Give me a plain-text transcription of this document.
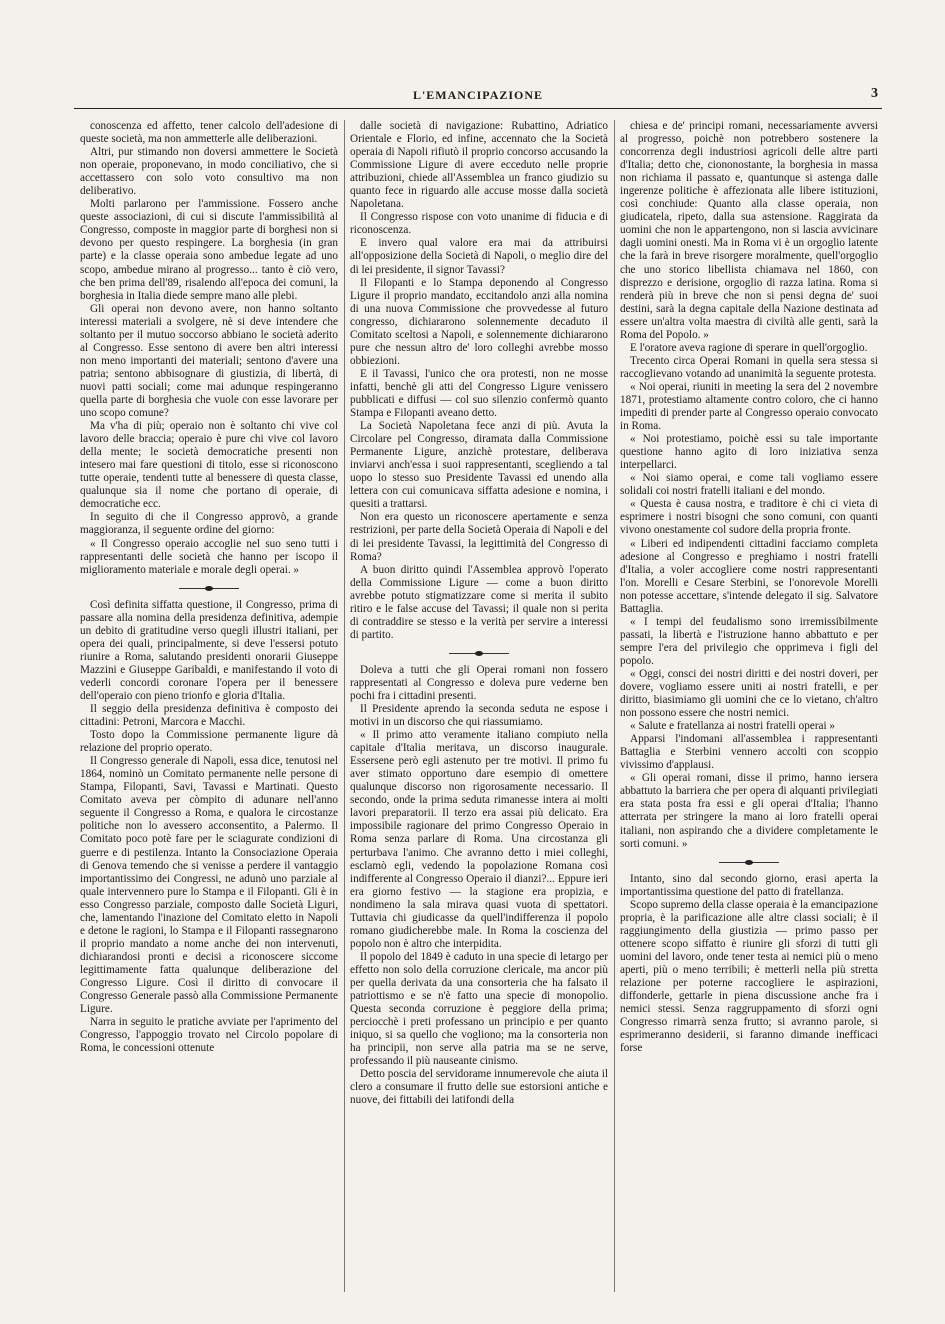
L'EMANCIPAZIONE	3

conoscenza ed affetto, tener calcolo dell'adesione di queste società, ma non ammetterle alle deliberazioni.

Altri, pur stimando non doversi ammettere le Società non operaie, proponevano, in modo conciliativo, che si accettassero con solo voto consultivo ma non deliberativo.

Molti parlarono per l'ammissione. Fossero anche queste associazioni, di cui si discute l'ammissibilità al Congresso, composte in maggior parte di borghesi non si devono per questo respingere. La borghesia (in gran parte) e la classe operaia sono ambedue legate ad uno scopo, ambedue mirano al progresso... tanto è ciò vero, che ben prima dell'89, risalendo all'epoca dei comuni, la borghesia in Italia diede sempre mano alle plebi.

Gli operai non devono avere, non hanno soltanto interessi materiali a svolgere, nè si deve intendere che soltanto per il mutuo soccorso abbiano le società aderito al Congresso. Esse sentono di avere ben altri interessi non meno importanti dei materiali; sentono d'avere una patria; sentono abbisognare di giustizia, di libertà, di nuovi patti sociali; come mai adunque respingeranno quella parte di borghesia che vuole con esse lavorare per uno scopo comune?

Ma v'ha di più; operaio non è soltanto chi vive col lavoro delle braccia; operaio è pure chi vive col lavoro della mente; le società democratiche presenti non intesero mai fare questioni di titolo, esse si riconoscono tutte operaie, tendenti tutte al benessere di questa classe, qualunque sia il nome che portano di operaie, di democratiche ecc.

In seguito di che il Congresso approvò, a grande maggioranza, il seguente ordine del giorno:

« Il Congresso operaio accoglie nel suo seno tutti i rappresentanti delle società che hanno per iscopo il miglioramento materiale e morale degli operai. »

Così definita siffatta questione, il Congresso, prima di passare alla nomina della presidenza definitiva, adempie un debito di gratitudine verso quegli illustri italiani, per opera dei quali, principalmente, si deve l'essersi potuto riunire a Roma, salutando presidenti onorarii Giuseppe Mazzini e Giuseppe Garibaldi, e manifestando il voto di vederli concordi coronare l'opera per il benessere dell'operaio con pieno trionfo e gloria d'Italia.

Il seggio della presidenza definitiva è composto dei cittadini: Petroni, Marcora e Macchi.

Tosto dopo la Commissione permanente ligure dà relazione del proprio operato.

Il Congresso generale di Napoli, essa dice, tenutosi nel 1864, nominò un Comitato permanente nelle persone di Stampa, Filopanti, Savi, Tavassi e Martinati. Questo Comitato aveva per còmpito di adunare nell'anno seguente il Congresso a Roma, e qualora le circostanze politiche non lo avessero acconsentito, a Palermo. Il Comitato poco potè fare per le sciagurate condizioni di guerre e di pestilenza. Intanto la Consociazione Operaia di Genova temendo che si venisse a perdere il vantaggio importantissimo dei Congressi, ne adunò uno parziale al quale intervennero pure lo Stampa e il Filopanti. Gli è in esso Congresso parziale, composto dalle Società Liguri, che, lamentando l'inazione del Comitato eletto in Napoli e detone le ragioni, lo Stampa e il Filopanti rassegnarono il proprio mandato a nome anche dei non intervenuti, dichiarandosi pronti e decisi a riconoscere siccome legittimamente fatta qualunque deliberazione del Congresso Ligure. Così il diritto di convocare il Congresso Generale passò alla Commissione Permanente Ligure.

Narra in seguito le pratiche avviate per l'aprimento del Congresso, l'appoggio trovato nel Circolo popolare di Roma, le concessioni ottenute

dalle società di navigazione: Rubattino, Adriatico Orientale e Florio, ed infine, accennato che la Società operaia di Napoli rifiutò il proprio concorso accusando la Commissione Ligure di avere ecceduto nelle proprie attribuzioni, chiede all'Assemblea un franco giudizio su quanto fece in riguardo alle accuse mosse dalla società Napoletana.

Il Congresso rispose con voto unanime di fiducia e di riconoscenza.

E invero qual valore era mai da attribuirsi all'opposizione della Società di Napoli, o meglio dire del di lei presidente, il signor Tavassi?

Il Filopanti e lo Stampa deponendo al Congresso Ligure il proprio mandato, eccitandolo anzi alla nomina di una nuova Commissione che provvedesse al futuro congresso, dichiararono solennemente decaduto il Comitato sceltosi a Napoli, e solennemente dichiararono pure che nessun altro de' loro colleghi avrebbe mosso obbiezioni.

E il Tavassi, l'unico che ora protesti, non ne mosse infatti, benchè gli atti del Congresso Ligure venissero pubblicati e diffusi — col suo silenzio confermò quanto Stampa e Filopanti aveano detto.

La Società Napoletana fece anzi di più. Avuta la Circolare pel Congresso, diramata dalla Commissione Permanente Ligure, anzichè protestare, deliberava inviarvi anch'essa i suoi rappresentanti, scegliendo a tal uopo lo stesso suo Presidente Tavassi ed unendo alla lettera con cui comunicava siffatta adesione e nomina, i quesiti a trattarsi.

Non era questo un riconoscere apertamente e senza restrizioni, per parte della Società Operaia di Napoli e del di lei presidente Tavassi, la legittimità del Congresso di Roma?

A buon diritto quindi l'Assemblea approvò l'operato della Commissione Ligure — come a buon diritto avrebbe potuto stigmatizzare come si merita il subito ritiro e le false accuse del Tavassi; il quale non si perita di contraddire se stesso e la verità per servire a interessi di partito.

Doleva a tutti che gli Operai romani non fossero rappresentati al Congresso e doleva pure vederne ben pochi fra i cittadini presenti.

Il Presidente aprendo la seconda seduta ne espose i motivi in un discorso che qui riassumiamo.

« Il primo atto veramente italiano compiuto nella capitale d'Italia meritava, un discorso inaugurale. Essersene però egli astenuto per tre motivi. Il primo fu aver stimato opportuno dare esempio di omettere qualunque discorso non rigorosamente necessario. Il secondo, onde la prima seduta rimanesse intera ai molti lavori preparatorii. Il terzo era assai più delicato. Era impossibile ragionare del primo Congresso Operaio in Roma senza parlare di Roma. Una circostanza gli perturbava l'animo. Che avranno detto i miei colleghi, esclamò egli, vedendo la popolazione Romana così indifferente al Congresso Operaio il dianzi?... Eppure ieri era giorno festivo — la stagione era propizia, e nondimeno la sala mirava quasi vuota di spettatori. Tuttavia chi giudicasse da quell'indifferenza il popolo romano giudicherebbe male. In Roma la coscienza del popolo non è altro che interpidita.

Il popolo del 1849 è caduto in una specie di letargo per effetto non solo della corruzione clericale, ma ancor più per quella derivata da una consorteria che ha falsato il patriottismo e se n'è fatto una specie di monopolio. Questa seconda corruzione è peggiore della prima; perciocchè i preti professano un principio e per quanto iniquo, si sa quello che vogliono; ma la consorteria non ha principii, non serve alla patria ma se ne serve, professando il più nauseante cinismo.

Detto poscia del servidorame innumerevole che aiuta il clero a consumare il frutto delle sue estorsioni antiche e nuove, dei fittabili dei latifondi della

chiesa e de' principi romani, necessariamente avversi al progresso, poichè non potrebbero sostenere la concorrenza degli industriosi agricoli delle altre parti d'Italia; detto che, ciononostante, la borghesia in massa non richiama il passato e, quantunque si astenga dalle ingerenze politiche è affezionata alle libere istituzioni, così conchiude: Quanto alla classe operaia, non giudicatela, ripeto, dalla sua astensione. Raggirata da uomini che non le appartengono, non si lascia avvicinare dagli uomini onesti. Ma in Roma vi è un orgoglio latente che la farà in breve risorgere moralmente, quell'orgoglio che uno storico libellista chiamava nel 1860, con disprezzo e derisione, orgoglio di razza latina. Roma si renderà più in breve che non si pensi degna de' suoi destini, sarà la degna capitale della Nazione destinata ad essere un'altra volta maestra di civiltà alle genti, sarà la Roma del Popolo. »

E l'oratore aveva ragione di sperare in quell'orgoglio.

Trecento circa Operai Romani in quella sera stessa si raccoglievano votando ad unanimità la seguente protesta.

« Noi operai, riuniti in meeting la sera del 2 novembre 1871, protestiamo altamente contro coloro, che ci hanno impediti di prender parte al Congresso operaio convocato in Roma.

« Noi protestiamo, poichè essi su tale importante questione hanno agito di loro iniziativa senza interpellarci.

« Noi siamo operai, e come tali vogliamo essere solidali coi nostri fratelli italiani e del mondo.

« Questa è causa nostra, e traditore è chi ci vieta di esprimere i nostri bisogni che sono comuni, con quanti vivono onestamente col sudore della propria fronte.

« Liberi ed indipendenti cittadini facciamo completa adesione al Congresso e preghiamo i nostri fratelli d'Italia, a voler accogliere come nostri rappresentanti l'on. Morelli e Cesare Sterbini, se l'onorevole Morelli non potesse accettare, s'intende delegato il sig. Salvatore Battaglia.

« I tempi del feudalismo sono irremissibilmente passati, la libertà e l'istruzione hanno abbattuto e per sempre l'era del privilegio che opprimeva i figli del popolo.

« Oggi, consci dei nostri diritti e dei nostri doveri, per dovere, vogliamo essere uniti ai nostri fratelli, e per diritto, biasimiamo gli uomini che ce lo vietano, ch'altro non possono essere che nostri nemici.

« Salute e fratellanza ai nostri fratelli operai »

Apparsi l'indomani all'assemblea i rappresentanti Battaglia e Sterbini vennero accolti con scoppio vivissimo d'applausi.

« Gli operai romani, disse il primo, hanno iersera abbattuto la barriera che per opera di alquanti privilegiati era stata posta fra essi e gli operai d'Italia; l'hanno atterrata per stringere la mano ai loro fratelli operai italiani, non aspirando che a dividere completamente le sorti comuni. »

Intanto, sino dal secondo giorno, erasi aperta la importantissima questione del patto di fratellanza.

Scopo supremo della classe operaia è la emancipazione propria, è la parificazione alle altre classi sociali; è il raggiungimento della giustizia — primo passo per ottenere scopo siffatto è riunire gli sforzi di tutti gli uomini del lavoro, onde tener testa ai nemici più o meno aperti, più o meno terribili; è metterli nella più stretta relazione per poterne raccogliere le aspirazioni, diffonderle, gettarle in piena discussione anche fra i nemici stessi. Senza raggruppamento di sforzi ogni Congresso rimarrà senza frutto; si avranno parole, si esprimeranno desiderii, si faranno dimande inefficaci forse
